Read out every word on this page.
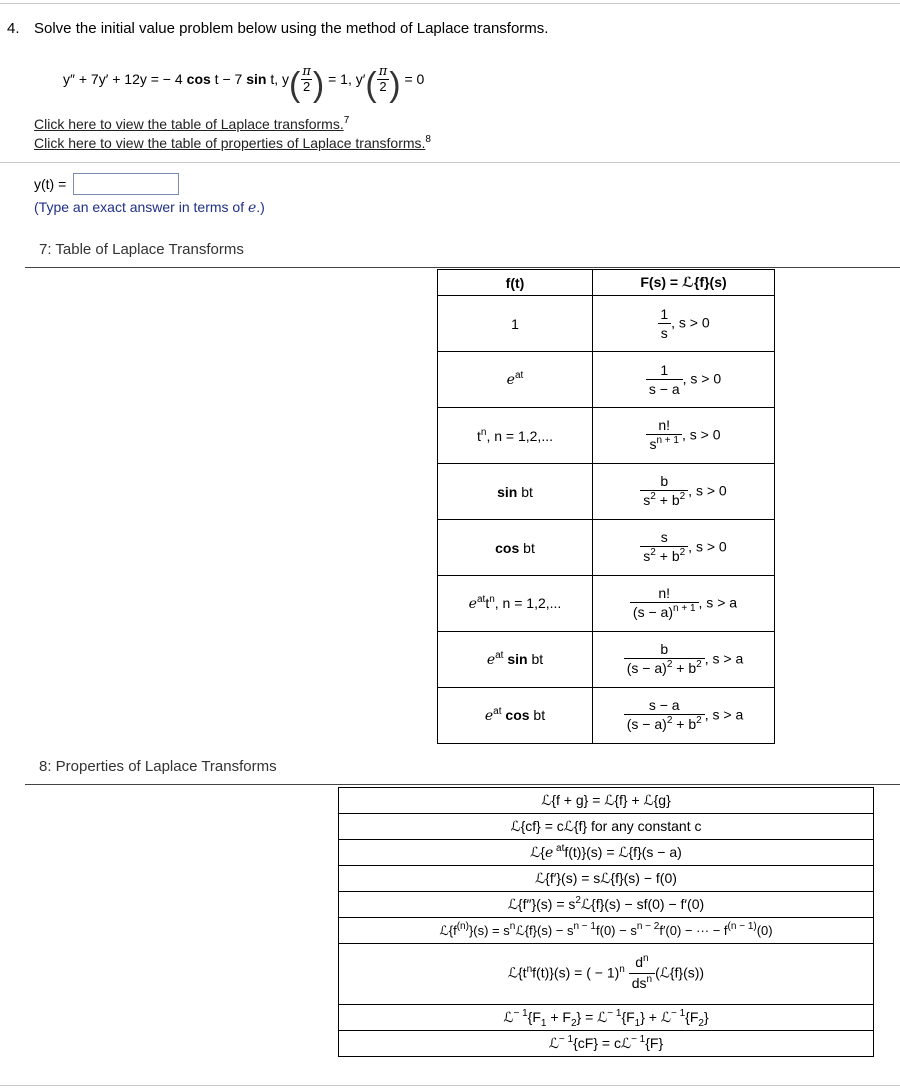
4. Solve the initial value problem below using the method of Laplace transforms.
y″ + 7y′ + 12y = − 4 cos t − 7 sin t, y ( π
2 ) = 1, y′ ( π
2 ) = 0
Click here to view the table of Laplace transforms.$^7$
Click here to view the table of properties of Laplace transforms.$^8$
y(t) =
(Type an exact answer in terms of e.)
7: Table of Laplace Transforms
f(t)	F(s) = ℒ{f}(s)
1	$\frac{1}{s}$ , s > 0
$e^{at}$	$\frac{1}{s - a}$ , s > 0
$t^n$, n = 1,2,...	$\frac{n!}{s^{n + 1}}$ , s > 0
sin bt	$\frac{b}{s^2 + b^2}$ , s > 0
cos bt	$\frac{s}{s^2 + b^2}$ , s > 0
$e^{at}t^n$, n = 1,2,...	$\frac{n!}{(s - a)^{n + 1}}$ , s > a
$e^{at}$ sin bt	$\frac{b}{(s - a)^2 + b^2}$ , s > a
$e^{at}$ cos bt	$\frac{s - a}{(s - a)^2 + b^2}$ , s > a
8: Properties of Laplace Transforms
ℒ{f + g} = ℒ{f} + ℒ{g}
ℒ{cf} = cℒ{f} for any constant c
ℒ{e $^{at}$f(t)}(s) = ℒ{f}(s − a)
ℒ{f′}(s) = sℒ{f}(s) − f(0)
ℒ{f″}(s) = $s^2ℒ\{f\}(s) - sf(0) - f'(0)$
$ℒ\{f^{(n)}\}(s)$ = $s^nℒ\{f\}(s) - s^{n - 1}f(0) - s^{n - 2}f'(0)$ − ··· − $f^{(n - 1)}(0)$
$ℒ\{t^nf(t)\}(s)$ = ( − $1)^n \frac{d^n}{ds^n}$ (ℒ{f}(s))
$ℒ^{- 1}\{F_1 + F_2\}$ = $ℒ^{- 1}\{F_1\}$ + $ℒ^{- 1}\{F_2\}$
ℒ$^{- 1}${cF} = cℒ$^{- 1}${F}
